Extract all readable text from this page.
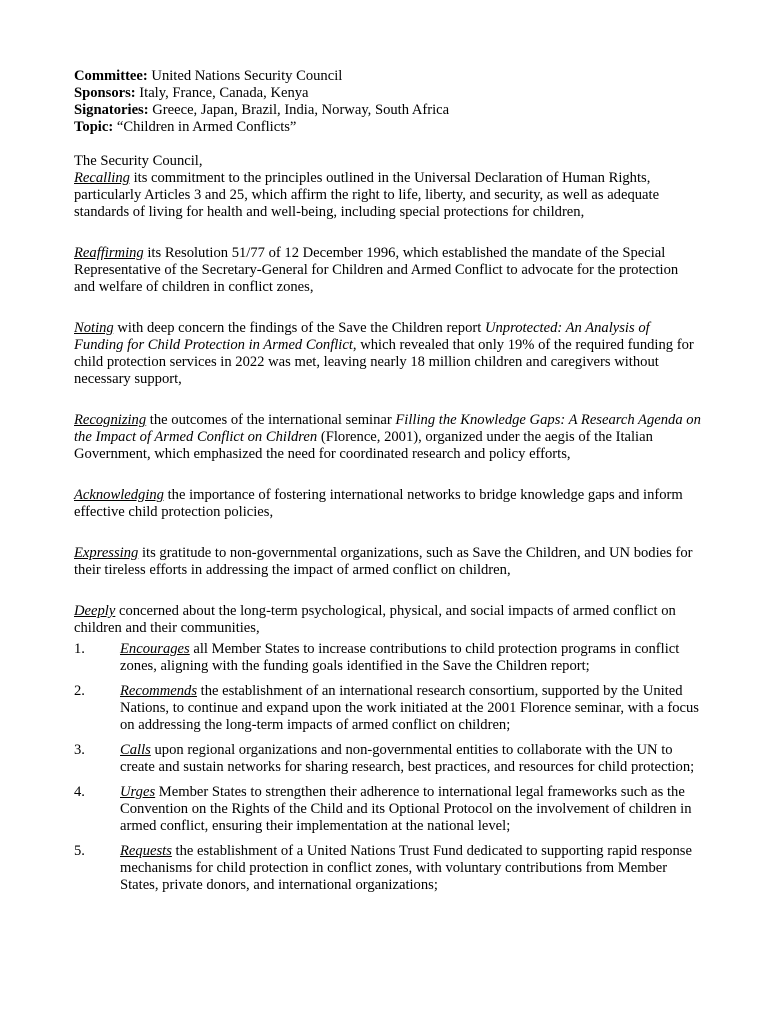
Committee: United Nations Security Council

Sponsors: Italy, France, Canada, Kenya

Signatories: Greece, Japan, Brazil, India, Norway, South Africa

Topic: “Children in Armed Conflicts”

The Security Council,

Recalling its commitment to the principles outlined in the Universal Declaration of Human Rights, particularly Articles 3 and 25, which affirm the right to life, liberty, and security, as well as adequate standards of living for health and well-being, including special protections for children,

Reaffirming its Resolution 51/77 of 12 December 1996, which established the mandate of the Special Representative of the Secretary-General for Children and Armed Conflict to advocate for the protection and welfare of children in conflict zones,

Noting with deep concern the findings of the Save the Children report Unprotected: An Analysis of Funding for Child Protection in Armed Conflict, which revealed that only 19% of the required funding for child protection services in 2022 was met, leaving nearly 18 million children and caregivers without necessary support,

Recognizing the outcomes of the international seminar Filling the Knowledge Gaps: A Research Agenda on the Impact of Armed Conflict on Children (Florence, 2001), organized under the aegis of the Italian Government, which emphasized the need for coordinated research and policy efforts,

Acknowledging the importance of fostering international networks to bridge knowledge gaps and inform effective child protection policies,

Expressing its gratitude to non-governmental organizations, such as Save the Children, and UN bodies for their tireless efforts in addressing the impact of armed conflict on children,

Deeply concerned about the long-term psychological, physical, and social impacts of armed conflict on children and their communities,

1. Encourages all Member States to increase contributions to child protection programs in conflict zones, aligning with the funding goals identified in the Save the Children report;
2. Recommends the establishment of an international research consortium, supported by the United Nations, to continue and expand upon the work initiated at the 2001 Florence seminar, with a focus on addressing the long-term impacts of armed conflict on children;
3. Calls upon regional organizations and non-governmental entities to collaborate with the UN to create and sustain networks for sharing research, best practices, and resources for child protection;
4. Urges Member States to strengthen their adherence to international legal frameworks such as the Convention on the Rights of the Child and its Optional Protocol on the involvement of children in armed conflict, ensuring their implementation at the national level;
5. Requests the establishment of a United Nations Trust Fund dedicated to supporting rapid response mechanisms for child protection in conflict zones, with voluntary contributions from Member States, private donors, and international organizations;
